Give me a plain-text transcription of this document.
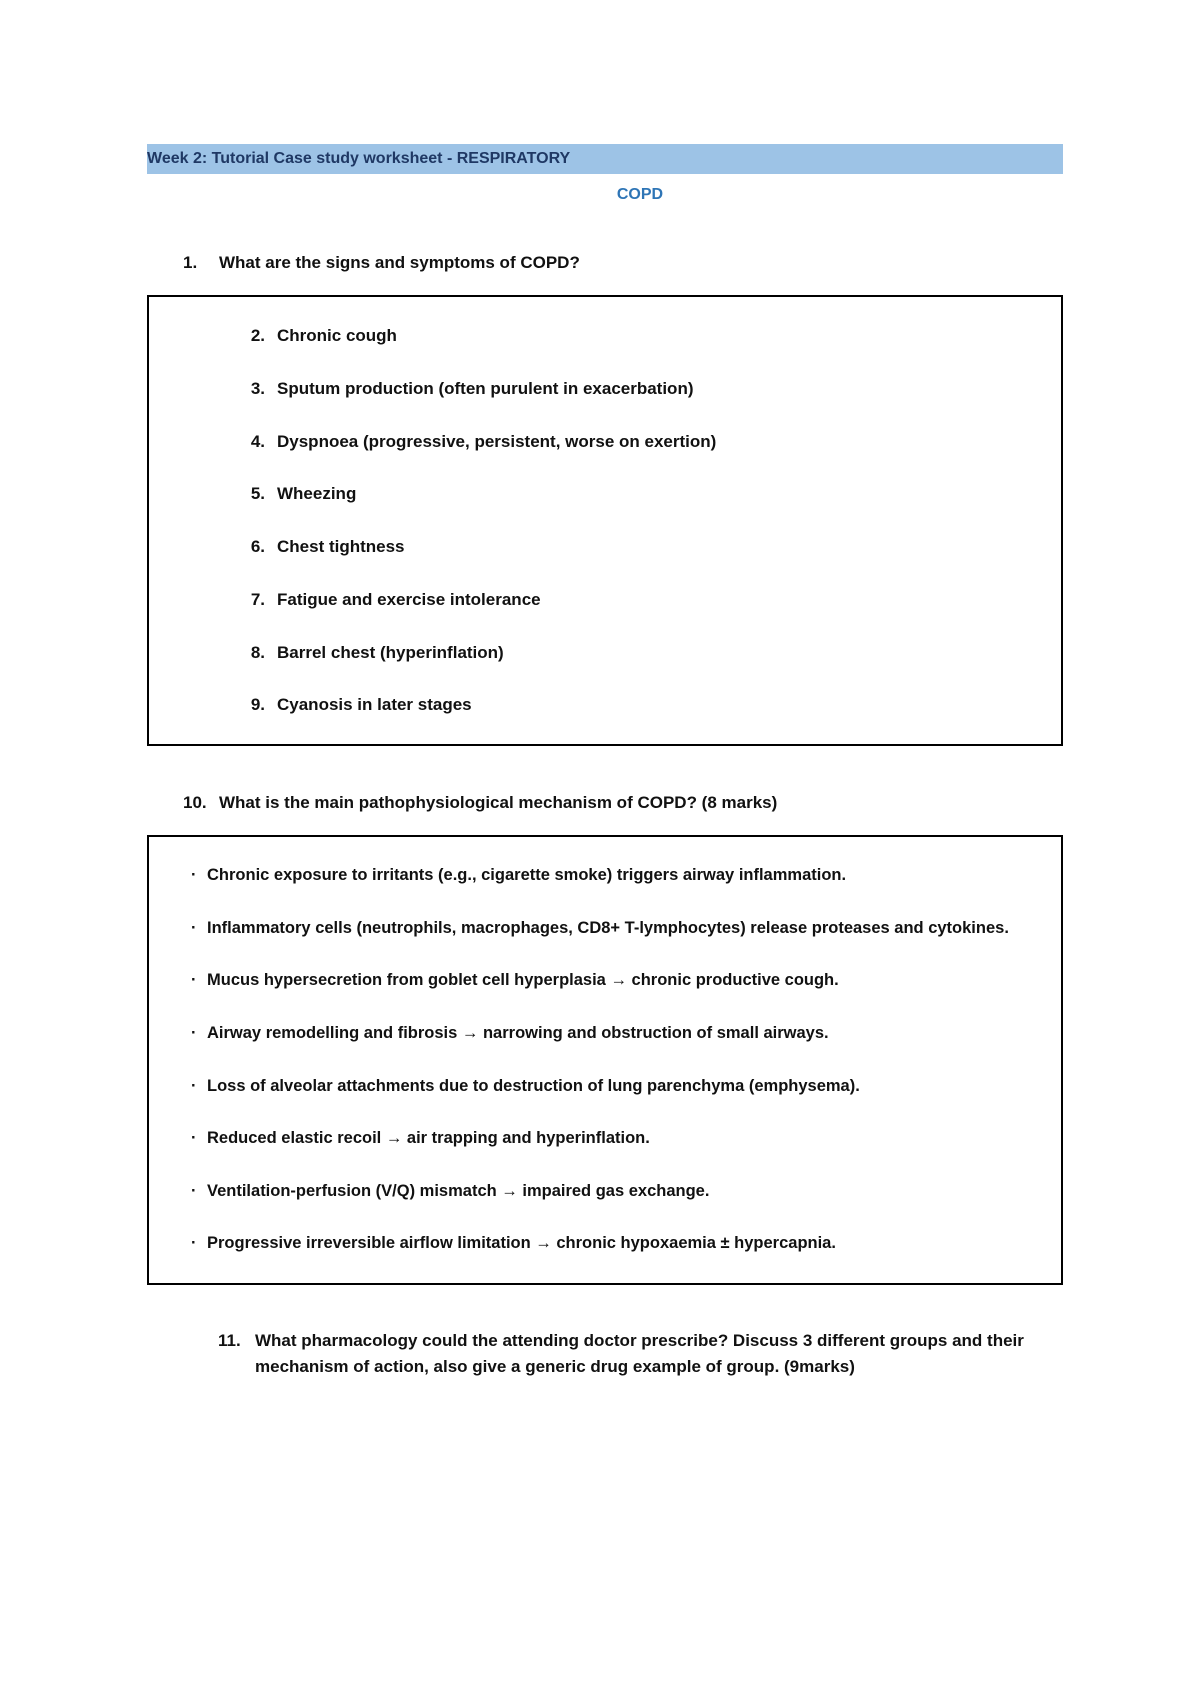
Week 2: Tutorial Case study worksheet - RESPIRATORY
COPD
1. What are the signs and symptoms of COPD?
2. Chronic cough
3. Sputum production (often purulent in exacerbation)
4. Dyspnoea (progressive, persistent, worse on exertion)
5. Wheezing
6. Chest tightness
7. Fatigue and exercise intolerance
8. Barrel chest (hyperinflation)
9. Cyanosis in later stages
10. What is the main pathophysiological mechanism of COPD? (8 marks)
· Chronic exposure to irritants (e.g., cigarette smoke) triggers airway inflammation.
· Inflammatory cells (neutrophils, macrophages, CD8+ T-lymphocytes) release proteases and cytokines.
· Mucus hypersecretion from goblet cell hyperplasia → chronic productive cough.
· Airway remodelling and fibrosis → narrowing and obstruction of small airways.
· Loss of alveolar attachments due to destruction of lung parenchyma (emphysema).
· Reduced elastic recoil → air trapping and hyperinflation.
· Ventilation-perfusion (V/Q) mismatch → impaired gas exchange.
· Progressive irreversible airflow limitation → chronic hypoxaemia ± hypercapnia.
11. What pharmacology could the attending doctor prescribe? Discuss 3 different groups and their mechanism of action, also give a generic drug example of group. (9marks)
